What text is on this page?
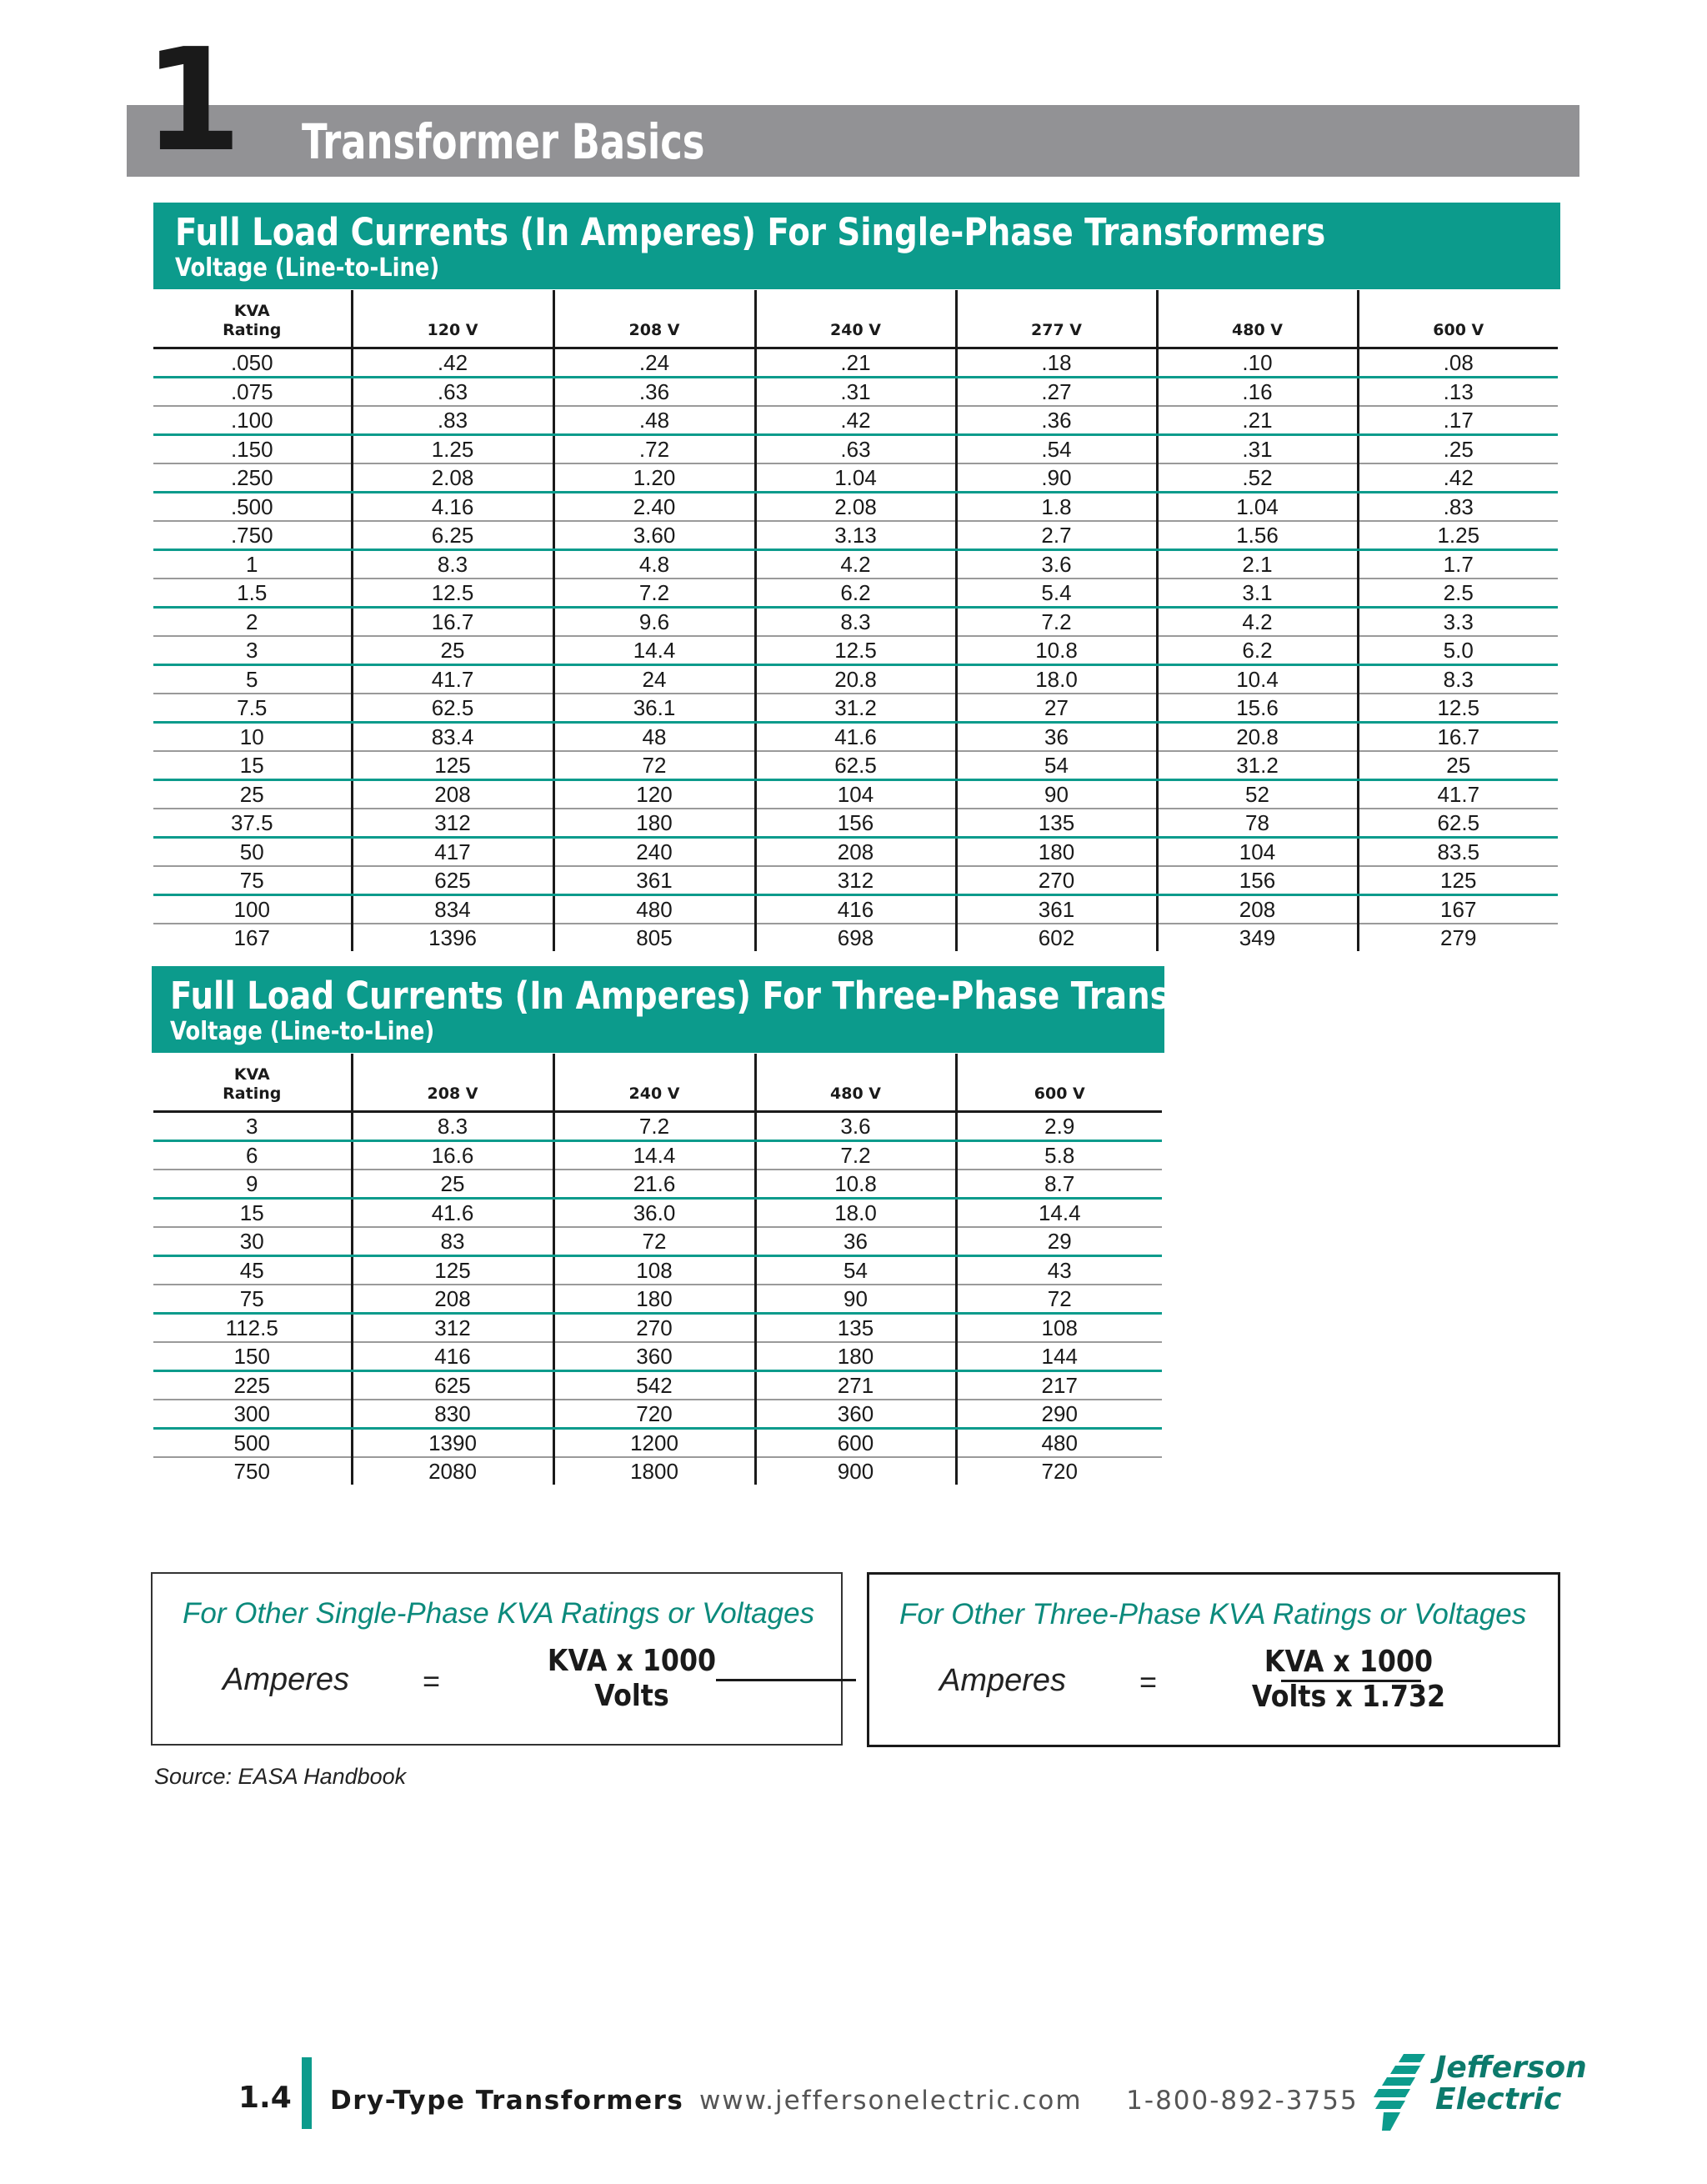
1 Transformer Basics
Full Load Currents (In Amperes) For Single-Phase Transformers
Voltage (Line-to-Line)
KVA
Rating	120 V	208 V	240 V	277 V	480 V	600 V
.050	.42	.24	.21	.18	.10	.08
.075	.63	.36	.31	.27	.16	.13
.100	.83	.48	.42	.36	.21	.17
.150	1.25	.72	.63	.54	.31	.25
.250	2.08	1.20	1.04	.90	.52	.42
.500	4.16	2.40	2.08	1.8	1.04	.83
.750	6.25	3.60	3.13	2.7	1.56	1.25
1	8.3	4.8	4.2	3.6	2.1	1.7
1.5	12.5	7.2	6.2	5.4	3.1	2.5
2	16.7	9.6	8.3	7.2	4.2	3.3
3	25	14.4	12.5	10.8	6.2	5.0
5	41.7	24	20.8	18.0	10.4	8.3
7.5	62.5	36.1	31.2	27	15.6	12.5
10	83.4	48	41.6	36	20.8	16.7
15	125	72	62.5	54	31.2	25
25	208	120	104	90	52	41.7
37.5	312	180	156	135	78	62.5
50	417	240	208	180	104	83.5
75	625	361	312	270	156	125
100	834	480	416	361	208	167
167	1396	805	698	602	349	279
Full Load Currents (In Amperes) For Three-Phase Transformers
Voltage (Line-to-Line)
KVA
Rating	208 V	240 V	480 V	600 V
3	8.3	7.2	3.6	2.9
6	16.6	14.4	7.2	5.8
9	25	21.6	10.8	8.7
15	41.6	36.0	18.0	14.4
30	83	72	36	29
45	125	108	54	43
75	208	180	90	72
112.5	312	270	135	108
150	416	360	180	144
225	625	542	271	217
300	830	720	360	290
500	1390	1200	600	480
750	2080	1800	900	720
For Other Single-Phase KVA Ratings or Voltages
Amperes =
KVA x 1000
Volts
For Other Three-Phase KVA Ratings or Voltages
Amperes =
KVA x 1000
Volts x 1.732
Source: EASA Handbook
1.4 Dry-Type Transformers www.jeffersonelectric.com 1-800-892-3755
Jefferson
Electric
